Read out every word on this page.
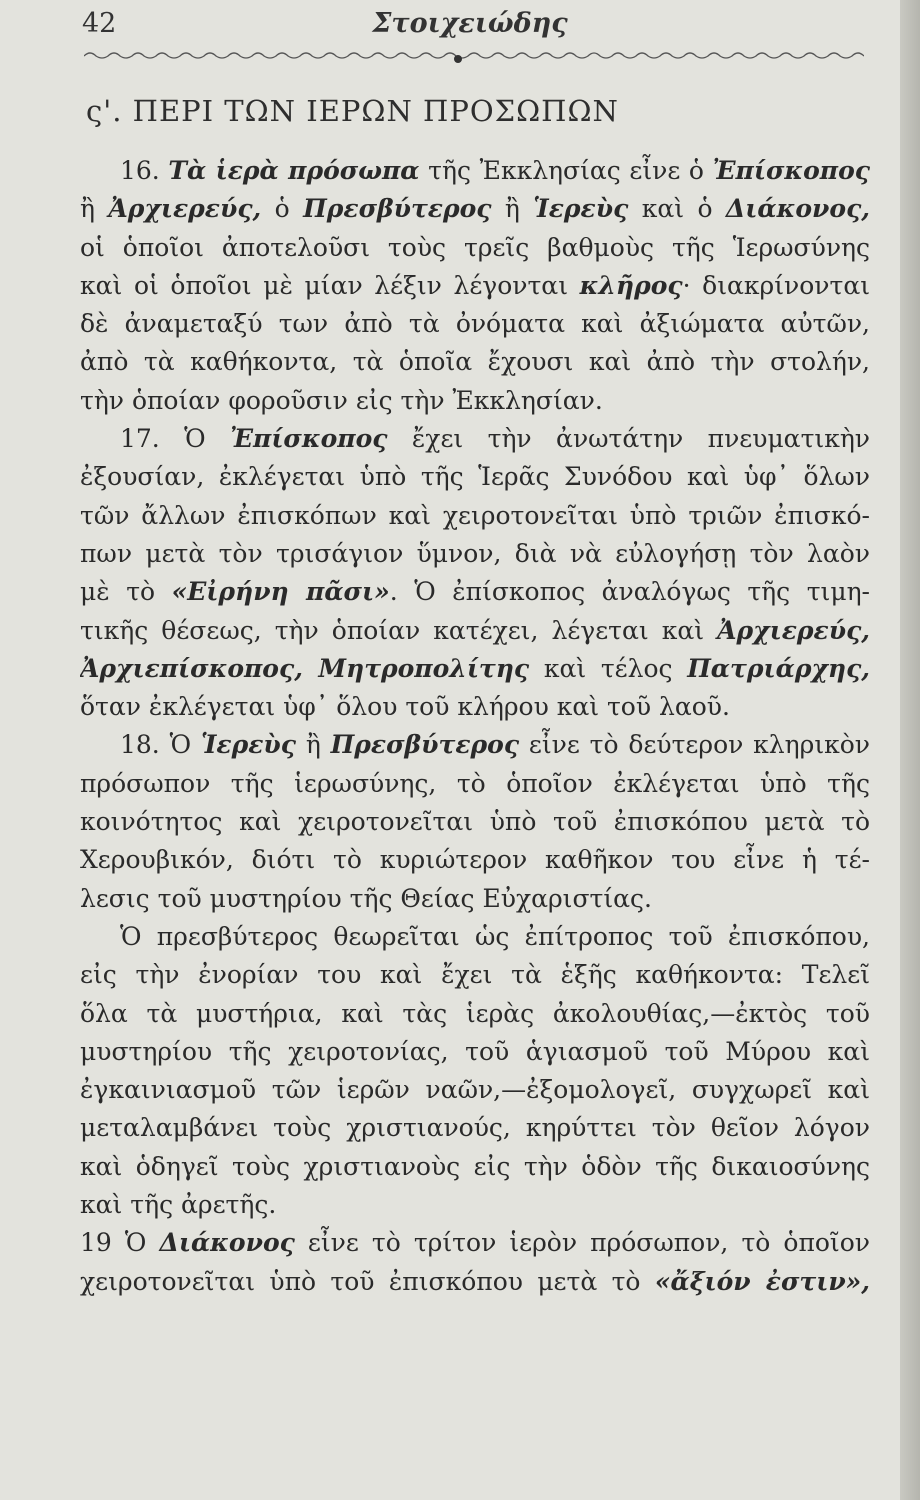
42	Στοιχειώδης
ς'. ΠΕΡΙ ΤΩΝ ΙΕΡΩΝ ΠΡΟΣΩΠΩΝ
16. Τὰ ἱερὰ πρόσωπα τῆς Ἐκκλησίας εἶνε ὁ Ἐπίσκοπος
ἢ Ἀρχιερεύς, ὁ Πρεσβύτερος ἢ Ἱερεὺς καὶ ὁ Διάκονος,
οἱ ὁποῖοι ἀποτελοῦσι τοὺς τρεῖς βαθμοὺς τῆς Ἱερωσύνης
καὶ οἱ ὁποῖοι μὲ μίαν λέξιν λέγονται κλῆρος· διακρίνονται
δὲ ἀναμεταξύ των ἀπὸ τὰ ὀνόματα καὶ ἀξιώματα αὐτῶν,
ἀπὸ τὰ καθήκοντα, τὰ ὁποῖα ἔχουσι καὶ ἀπὸ τὴν στολήν,
τὴν ὁποίαν φοροῦσιν εἰς τὴν Ἐκκλησίαν.
17. Ὁ Ἐπίσκοπος ἔχει τὴν ἀνωτάτην πνευματικὴν
ἐξουσίαν, ἐκλέγεται ὑπὸ τῆς Ἱερᾶς Συνόδου καὶ ὑφ᾽ ὅλων
τῶν ἄλλων ἐπισκόπων καὶ χειροτονεῖται ὑπὸ τριῶν ἐπισκό-
πων μετὰ τὸν τρισάγιον ὕμνον, διὰ νὰ εὐλογήσῃ τὸν λαὸν
μὲ τὸ «Εἰρήνη πᾶσι». Ὁ ἐπίσκοπος ἀναλόγως τῆς τιμη-
τικῆς θέσεως, τὴν ὁποίαν κατέχει, λέγεται καὶ Ἀρχιερεύς,
Ἀρχιεπίσκοπος, Μητροπολίτης καὶ τέλος Πατριάρχης,
ὅταν ἐκλέγεται ὑφ᾽ ὅλου τοῦ κλήρου καὶ τοῦ λαοῦ.
18. Ὁ Ἱερεὺς ἢ Πρεσβύτερος εἶνε τὸ δεύτερον κληρικὸν
πρόσωπον τῆς ἱερωσύνης, τὸ ὁποῖον ἐκλέγεται ὑπὸ τῆς
κοινότητος καὶ χειροτονεῖται ὑπὸ τοῦ ἐπισκόπου μετὰ τὸ
Χερουβικόν, διότι τὸ κυριώτερον καθῆκον του εἶνε ἡ τέ-
λεσις τοῦ μυστηρίου τῆς Θείας Εὐχαριστίας.
Ὁ πρεσβύτερος θεωρεῖται ὡς ἐπίτροπος τοῦ ἐπισκόπου,
εἰς τὴν ἐνορίαν του καὶ ἔχει τὰ ἑξῆς καθήκοντα: Τελεῖ
ὅλα τὰ μυστήρια, καὶ τὰς ἱερὰς ἀκολουθίας,—ἐκτὸς τοῦ
μυστηρίου τῆς χειροτονίας, τοῦ ἁγιασμοῦ τοῦ Μύρου καὶ
ἐγκαινιασμοῦ τῶν ἱερῶν ναῶν,—ἐξομολογεῖ, συγχωρεῖ καὶ
μεταλαμβάνει τοὺς χριστιανούς, κηρύττει τὸν θεῖον λόγον
καὶ ὁδηγεῖ τοὺς χριστιανοὺς εἰς τὴν ὁδὸν τῆς δικαιοσύνης
καὶ τῆς ἀρετῆς.
19 Ὁ Διάκονος εἶνε τὸ τρίτον ἱερὸν πρόσωπον, τὸ ὁποῖον
χειροτονεῖται ὑπὸ τοῦ ἐπισκόπου μετὰ τὸ «ἄξιόν ἐστιν»,
